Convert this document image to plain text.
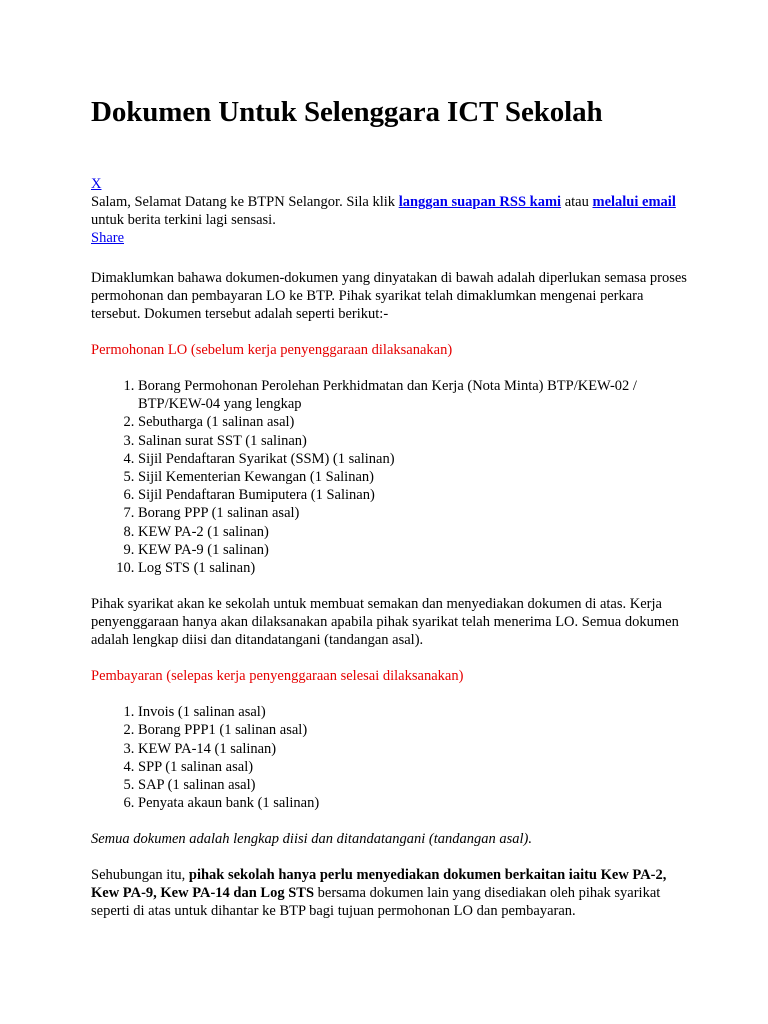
Dokumen Untuk Selenggara ICT Sekolah
X

Salam, Selamat Datang ke BTPN Selangor. Sila klik langgan suapan RSS kami atau melalui email untuk berita terkini lagi sensasi.

Share

Dimaklumkan bahawa dokumen-dokumen yang dinyatakan di bawah adalah diperlukan semasa proses permohonan dan pembayaran LO ke BTP. Pihak syarikat telah dimaklumkan mengenai perkara tersebut. Dokumen tersebut adalah seperti berikut:-

Permohonan LO (sebelum kerja penyenggaraan dilaksanakan)

1. Borang Permohonan Perolehan Perkhidmatan dan Kerja (Nota Minta) BTP/KEW-02 / BTP/KEW-04 yang lengkap
2. Sebutharga (1 salinan asal)
3. Salinan surat SST (1 salinan)
4. Sijil Pendaftaran Syarikat (SSM) (1 salinan)
5. Sijil Kementerian Kewangan (1 Salinan)
6. Sijil Pendaftaran Bumiputera (1 Salinan)
7. Borang PPP (1 salinan asal)
8. KEW PA-2 (1 salinan)
9. KEW PA-9 (1 salinan)
10. Log STS (1 salinan)

Pihak syarikat akan ke sekolah untuk membuat semakan dan menyediakan dokumen di atas. Kerja penyenggaraan hanya akan dilaksanakan apabila pihak syarikat telah menerima LO. Semua dokumen adalah lengkap diisi dan ditandatangani (tandangan asal).

Pembayaran (selepas kerja penyenggaraan selesai dilaksanakan)

1. Invois (1 salinan asal)
2. Borang PPP1 (1 salinan asal)
3. KEW PA-14 (1 salinan)
4. SPP (1 salinan asal)
5. SAP (1 salinan asal)
6. Penyata akaun bank (1 salinan)

Semua dokumen adalah lengkap diisi dan ditandatangani (tandangan asal).

Sehubungan itu, pihak sekolah hanya perlu menyediakan dokumen berkaitan iaitu Kew PA-2, Kew PA-9, Kew PA-14 dan Log STS bersama dokumen lain yang disediakan oleh pihak syarikat seperti di atas untuk dihantar ke BTP bagi tujuan permohonan LO dan pembayaran.
